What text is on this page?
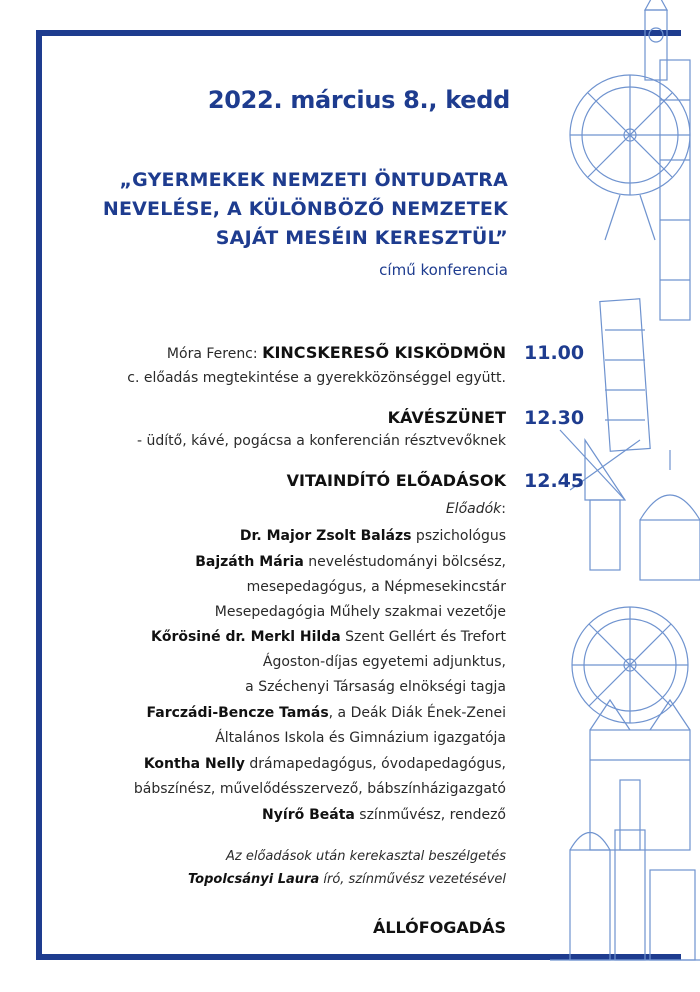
2022. március 8., kedd
„GYERMEKEK NEMZETI ÖNTUDATRA
NEVELÉSE, A KÜLÖNBÖZŐ NEMZETEK
SAJÁT MESÉIN KERESZTÜL”
című konferencia
Móra Ferenc: KINCSKERESŐ KISKÖDMÖN 11.00
c. előadás megtekintése a gyerekközönséggel együtt.
KÁVÉSZÜNET 12.30
- üdítő, kávé, pogácsa a konferencián résztvevőknek
VITAINDÍTÓ ELŐADÁSOK 12.45
Előadók:
Dr. Major Zsolt Balázs pszichológus
Bajzáth Mária neveléstudományi bölcsész,
mesepedagógus, a Népmesekincstár
Mesepedagógia Műhely szakmai vezetője
Kőrösiné dr. Merkl Hilda Szent Gellért és Trefort
Ágoston-díjas egyetemi adjunktus,
a Széchenyi Társaság elnökségi tagja
Farczádi-Bencze Tamás, a Deák Diák Ének-Zenei
Általános Iskola és Gimnázium igazgatója
Kontha Nelly drámapedagógus, óvodapedagógus,
bábszínész, művelődésszervező, bábszínházigazgató
Nyírő Beáta színművész, rendező
Az előadások után kerekasztal beszélgetés
Topolcsányi Laura író, színművész vezetésével
ÁLLÓFOGADÁS
